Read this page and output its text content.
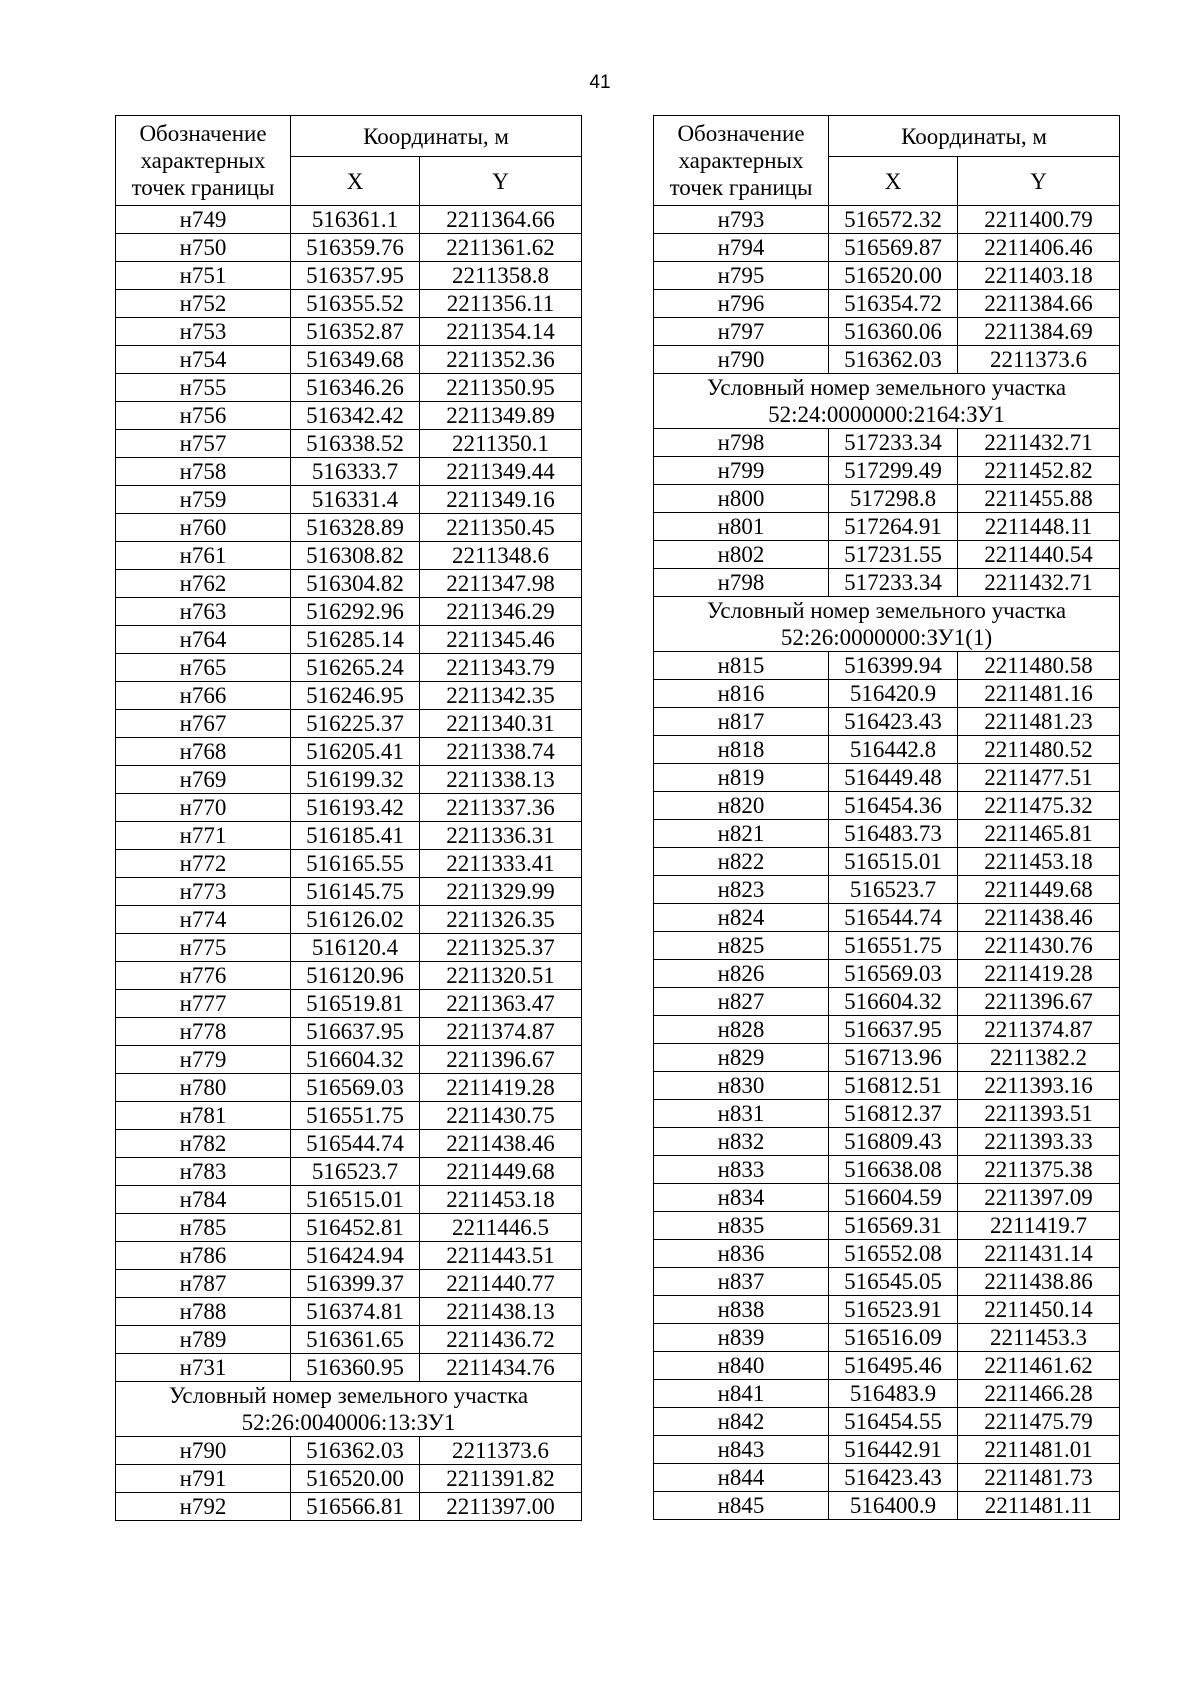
41
Обозначение характерных точек границы	Координаты, м	
	X	Y
н749	516361.1	2211364.66
н750	516359.76	2211361.62
н751	516357.95	2211358.8
н752	516355.52	2211356.11
н753	516352.87	2211354.14
н754	516349.68	2211352.36
н755	516346.26	2211350.95
н756	516342.42	2211349.89
н757	516338.52	2211350.1
н758	516333.7	2211349.44
н759	516331.4	2211349.16
н760	516328.89	2211350.45
н761	516308.82	2211348.6
н762	516304.82	2211347.98
н763	516292.96	2211346.29
н764	516285.14	2211345.46
н765	516265.24	2211343.79
н766	516246.95	2211342.35
н767	516225.37	2211340.31
н768	516205.41	2211338.74
н769	516199.32	2211338.13
н770	516193.42	2211337.36
н771	516185.41	2211336.31
н772	516165.55	2211333.41
н773	516145.75	2211329.99
н774	516126.02	2211326.35
н775	516120.4	2211325.37
н776	516120.96	2211320.51
н777	516519.81	2211363.47
н778	516637.95	2211374.87
н779	516604.32	2211396.67
н780	516569.03	2211419.28
н781	516551.75	2211430.75
н782	516544.74	2211438.46
н783	516523.7	2211449.68
н784	516515.01	2211453.18
н785	516452.81	2211446.5
н786	516424.94	2211443.51
н787	516399.37	2211440.77
н788	516374.81	2211438.13
н789	516361.65	2211436.72
н731	516360.95	2211434.76
Условный номер земельного участка 52:26:0040006:13:ЗУ1		
н790	516362.03	2211373.6
н791	516520.00	2211391.82
н792	516566.81	2211397.00
Обозначение характерных точек границы	Координаты, м	
	X	Y
н793	516572.32	2211400.79
н794	516569.87	2211406.46
н795	516520.00	2211403.18
н796	516354.72	2211384.66
н797	516360.06	2211384.69
н790	516362.03	2211373.6
Условный номер земельного участка 52:24:0000000:2164:ЗУ1		
н798	517233.34	2211432.71
н799	517299.49	2211452.82
н800	517298.8	2211455.88
н801	517264.91	2211448.11
н802	517231.55	2211440.54
н798	517233.34	2211432.71
Условный номер земельного участка 52:26:0000000:ЗУ1(1)		
н815	516399.94	2211480.58
н816	516420.9	2211481.16
н817	516423.43	2211481.23
н818	516442.8	2211480.52
н819	516449.48	2211477.51
н820	516454.36	2211475.32
н821	516483.73	2211465.81
н822	516515.01	2211453.18
н823	516523.7	2211449.68
н824	516544.74	2211438.46
н825	516551.75	2211430.76
н826	516569.03	2211419.28
н827	516604.32	2211396.67
н828	516637.95	2211374.87
н829	516713.96	2211382.2
н830	516812.51	2211393.16
н831	516812.37	2211393.51
н832	516809.43	2211393.33
н833	516638.08	2211375.38
н834	516604.59	2211397.09
н835	516569.31	2211419.7
н836	516552.08	2211431.14
н837	516545.05	2211438.86
н838	516523.91	2211450.14
н839	516516.09	2211453.3
н840	516495.46	2211461.62
н841	516483.9	2211466.28
н842	516454.55	2211475.79
н843	516442.91	2211481.01
н844	516423.43	2211481.73
н845	516400.9	2211481.11
